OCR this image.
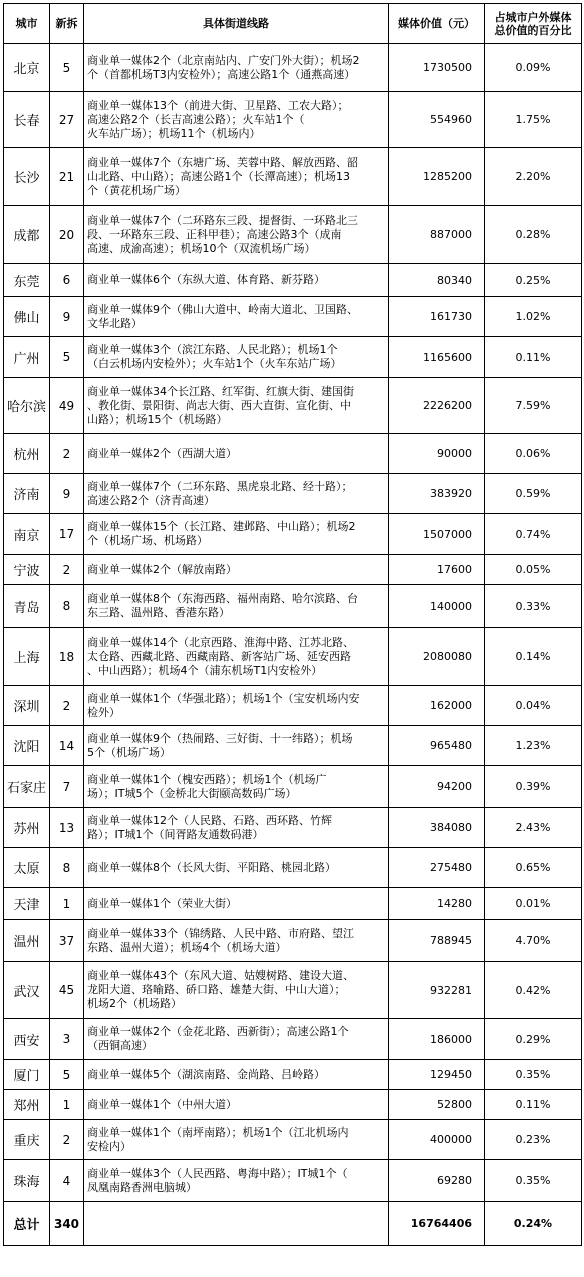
城市	新拆	具体街道线路	媒体价值（元）	占城市户外媒体
总价值的百分比
北京	5	商业单一媒体2个（北京南站内、广安门外大街）；机场2
个（首都机场T3内安检外）；高速公路1个（通燕高速）	1730500	0.09%
长春	27	商业单一媒体13个（前进大街、卫星路、工农大路）；
高速公路2个（长吉高速公路）；火车站1个（
火车站广场）；机场11个（机场内）	554960	1.75%
长沙	21	商业单一媒体7个（东塘广场、芙蓉中路、解放西路、韶
山北路、中山路）；高速公路1个（长潭高速）；机场13
个（黄花机场广场）	1285200	2.20%
成都	20	商业单一媒体7个（二环路东三段、提督街、一环路北三
段、一环路东三段、正科甲巷）；高速公路3个（成南
高速、成渝高速）；机场10个（双流机场广场）	887000	0.28%
东莞	6	商业单一媒体6个（东纵大道、体育路、新芬路）	80340	0.25%
佛山	9	商业单一媒体9个（佛山大道中、岭南大道北、卫国路、
文华北路）	161730	1.02%
广州	5	商业单一媒体3个（滨江东路、人民北路）；机场1个
（白云机场内安检外）；火车站1个（火车东站广场）	1165600	0.11%
哈尔滨	49	商业单一媒体34个长江路、红军街、红旗大街、建国街
、教化街、景阳街、尚志大街、西大直街、宣化街、中
山路）；机场15个（机场路）	2226200	7.59%
杭州	2	商业单一媒体2个（西湖大道）	90000	0.06%
济南	9	商业单一媒体7个（二环东路、黑虎泉北路、经十路）；
高速公路2个（济青高速）	383920	0.59%
南京	17	商业单一媒体15个（长江路、建邺路、中山路）；机场2
个（机场广场、机场路）	1507000	0.74%
宁波	2	商业单一媒体2个（解放南路）	17600	0.05%
青岛	8	商业单一媒体8个（东海西路、福州南路、哈尔滨路、台
东三路、温州路、香港东路）	140000	0.33%
上海	18	商业单一媒体14个（北京西路、淮海中路、江苏北路、
太仓路、西藏北路、西藏南路、新客站广场、延安西路
、中山西路）；机场4个（浦东机场T1内安检外）	2080080	0.14%
深圳	2	商业单一媒体1个（华强北路）；机场1个（宝安机场内安
检外）	162000	0.04%
沈阳	14	商业单一媒体9个（热闹路、三好街、十一纬路）；机场
5个（机场广场）	965480	1.23%
石家庄	7	商业单一媒体1个（槐安西路）；机场1个（机场广
场）；IT城5个（金桥北大街颐高数码广场）	94200	0.39%
苏州	13	商业单一媒体12个（人民路、石路、西环路、竹辉
路）；IT城1个（间胥路友通数码港）	384080	2.43%
太原	8	商业单一媒体8个（长风大街、平阳路、桃园北路）	275480	0.65%
天津	1	商业单一媒体1个（荣业大街）	14280	0.01%
温州	37	商业单一媒体33个（锦绣路、人民中路、市府路、望江
东路、温州大道）；机场4个（机场大道）	788945	4.70%
武汉	45	商业单一媒体43个（东风大道、姑嫂树路、建设大道、
龙阳大道、珞喻路、硚口路、雄楚大街、中山大道）；
机场2个（机场路）	932281	0.42%
西安	3	商业单一媒体2个（金花北路、西新街）；高速公路1个
（西铜高速）	186000	0.29%
厦门	5	商业单一媒体5个（湖滨南路、金尚路、吕岭路）	129450	0.35%
郑州	1	商业单一媒体1个（中州大道）	52800	0.11%
重庆	2	商业单一媒体1个（南坪南路）；机场1个（江北机场内
安检内）	400000	0.23%
珠海	4	商业单一媒体3个（人民西路、粤海中路）；IT城1个（
凤凰南路香洲电脑城）	69280	0.35%
总计	340		16764406	0.24%
